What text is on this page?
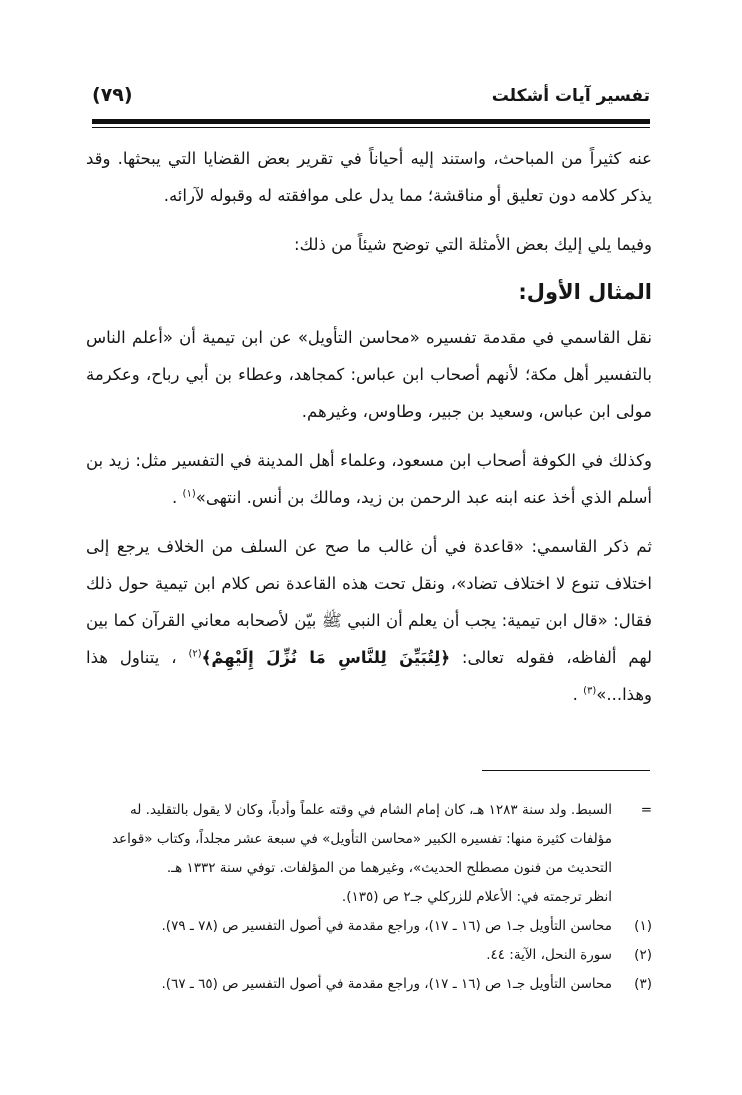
تفسير آيات أشكلت
(٧٩)

عنه كثيراً من المباحث، واستند إليه أحياناً في تقرير بعض القضايا التي يبحثها. وقد يذكر كلامه دون تعليق أو مناقشة؛ مما يدل على موافقته له وقبوله لآرائه.

وفيما يلي إليك بعض الأمثلة التي توضح شيئاً من ذلك:

المثال الأول:

نقل القاسمي في مقدمة تفسيره «محاسن التأويل» عن ابن تيمية أن «أعلم الناس بالتفسير أهل مكة؛ لأنهم أصحاب ابن عباس: كمجاهد، وعطاء بن أبي رباح، وعكرمة مولى ابن عباس، وسعيد بن جبير، وطاوس، وغيرهم.

وكذلك في الكوفة أصحاب ابن مسعود، وعلماء أهل المدينة في التفسير مثل: زيد بن أسلم الذي أخذ عنه ابنه عبد الرحمن بن زيد، ومالك بن أنس. انتهى»$^{(١)}$ .

ثم ذكر القاسمي: «قاعدة في أن غالب ما صح عن السلف من الخلاف يرجع إلى اختلاف تنوع لا اختلاف تضاد»، ونقل تحت هذه القاعدة نص كلام ابن تيمية حول ذلك فقال: «قال ابن تيمية: يجب أن يعلم أن النبي ﷺ بيّن لأصحابه معاني القرآن كما بين لهم ألفاظه، فقوله تعالى: ﴿لِتُبَيِّنَ لِلنَّاسِ مَا نُزِّلَ إِلَيْهِمْ﴾$^{(٢)}$ ، يتناول هذا وهذا...»$^{(٣)}$ .

=
السبط. ولد سنة ١٢٨٣ هـ، كان إمام الشام في وقته علماً وأدباً، وكان لا يقول بالتقليد. له
مؤلفات كثيرة منها: تفسيره الكبير «محاسن التأويل» في سبعة عشر مجلداً، وكتاب «قواعد
التحديث من فنون مصطلح الحديث»، وغيرهما من المؤلفات. توفي سنة ١٣٣٢ هـ.
انظر ترجمته في: الأعلام للزركلي جـ٢ ص (١٣٥).
(١)
محاسن التأويل جـ١ ص (١٦ ـ ١٧)، وراجع مقدمة في أصول التفسير ص (٧٨ ـ ٧٩).
(٢)
سورة النحل، الآية: ٤٤.
(٣)
محاسن التأويل جـ١ ص (١٦ ـ ١٧)، وراجع مقدمة في أصول التفسير ص (٦٥ ـ ٦٧).
